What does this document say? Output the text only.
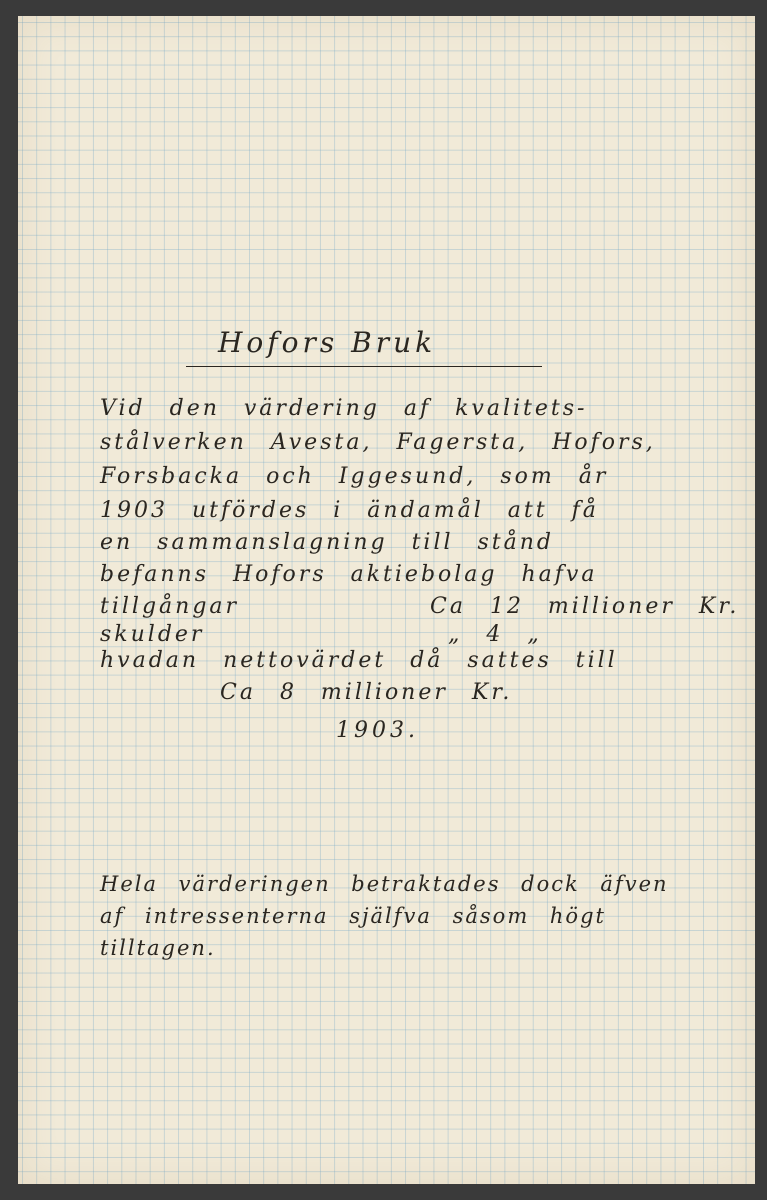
Hofors Bruk
Vid den värdering af kvalitets-
stålverken Avesta, Fagersta, Hofors,
Forsbacka och Iggesund, som år
1903 utfördes i ändamål att få
en sammanslagning till stånd
befanns Hofors aktiebolag hafva
tillgångar	Ca 12 millioner Kr.
skulder	„ 4 „
hvadan nettovärdet då sattes till
Ca 8 millioner Kr.
1903.
Hela värderingen betraktades dock äfven
af intressenterna själfva såsom högt
tilltagen.
